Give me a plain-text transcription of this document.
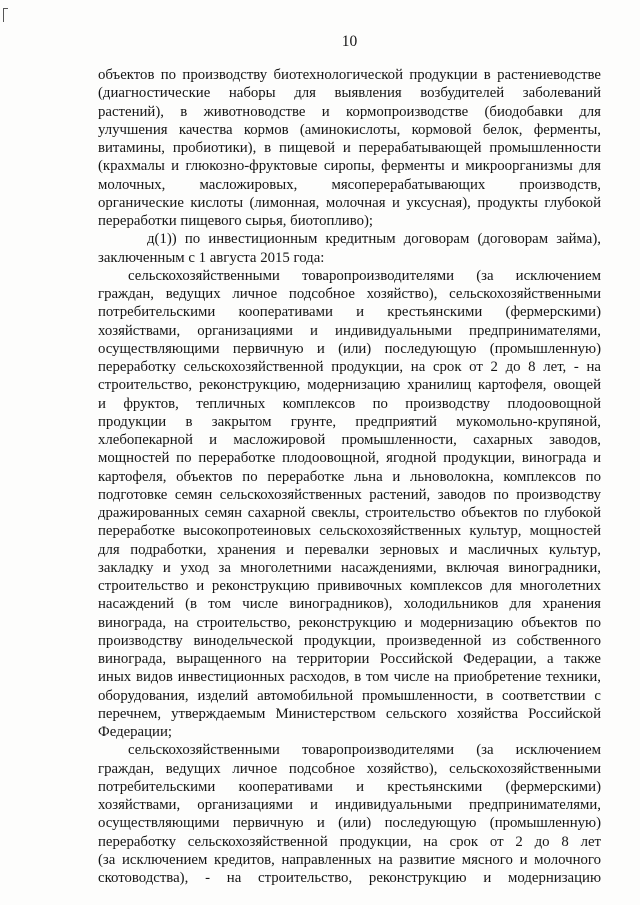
10
объектов по производству биотехнологической продукции в растениеводстве
(диагностические наборы для выявления возбудителей заболеваний
растений), в животноводстве и кормопроизводстве (биодобавки для
улучшения качества кормов (аминокислоты, кормовой белок, ферменты,
витамины, пробиотики), в пищевой и перерабатывающей промышленности
(крахмалы и глюкозно-фруктовые сиропы, ферменты и микроорганизмы для
молочных, масложировых, мясоперерабатывающих производств,
органические кислоты (лимонная, молочная и уксусная), продукты глубокой
переработки пищевого сырья, биотопливо);
д(1)) по инвестиционным кредитным договорам (договорам займа),
заключенным с 1 августа 2015 года:
сельскохозяйственными товаропроизводителями (за исключением
граждан, ведущих личное подсобное хозяйство), сельскохозяйственными
потребительскими кооперативами и крестьянскими (фермерскими)
хозяйствами, организациями и индивидуальными предпринимателями,
осуществляющими первичную и (или) последующую (промышленную)
переработку сельскохозяйственной продукции, на срок от 2 до 8 лет, - на
строительство, реконструкцию, модернизацию хранилищ картофеля, овощей
и фруктов, тепличных комплексов по производству плодоовощной
продукции в закрытом грунте, предприятий мукомольно-крупяной,
хлебопекарной и масложировой промышленности, сахарных заводов,
мощностей по переработке плодоовощной, ягодной продукции, винограда и
картофеля, объектов по переработке льна и льноволокна, комплексов по
подготовке семян сельскохозяйственных растений, заводов по производству
дражированных семян сахарной свеклы, строительство объектов по глубокой
переработке высокопротеиновых сельскохозяйственных культур, мощностей
для подработки, хранения и перевалки зерновых и масличных культур,
закладку и уход за многолетними насаждениями, включая виноградники,
строительство и реконструкцию прививочных комплексов для многолетних
насаждений (в том числе виноградников), холодильников для хранения
винограда, на строительство, реконструкцию и модернизацию объектов по
производству винодельческой продукции, произведенной из собственного
винограда, выращенного на территории Российской Федерации, а также
иных видов инвестиционных расходов, в том числе на приобретение техники,
оборудования, изделий автомобильной промышленности, в соответствии с
перечнем, утверждаемым Министерством сельского хозяйства Российской
Федерации;
сельскохозяйственными товаропроизводителями (за исключением
граждан, ведущих личное подсобное хозяйство), сельскохозяйственными
потребительскими кооперативами и крестьянскими (фермерскими)
хозяйствами, организациями и индивидуальными предпринимателями,
осуществляющими первичную и (или) последующую (промышленную)
переработку сельскохозяйственной продукции, на срок от 2 до 8 лет
(за исключением кредитов, направленных на развитие мясного и молочного
скотоводства), - на строительство, реконструкцию и модернизацию
